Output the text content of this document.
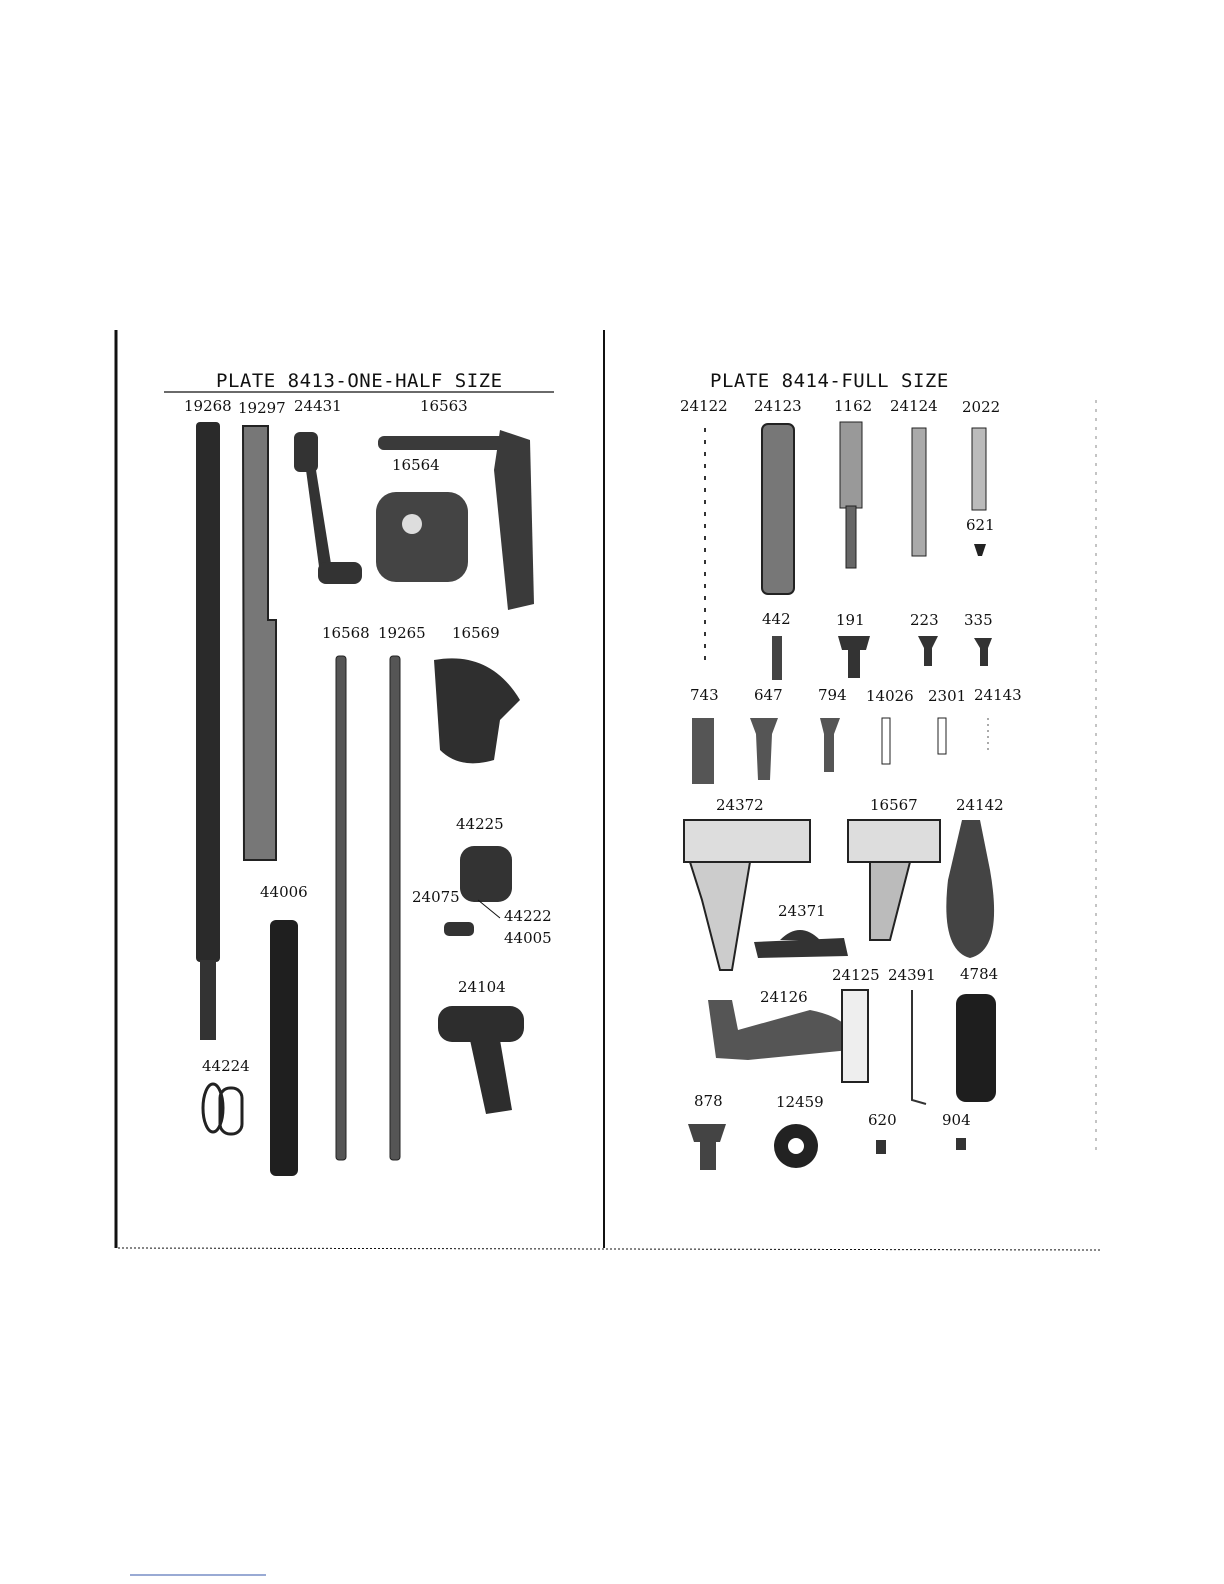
PLATE 8413-ONE-HALF SIZE	PLATE 8414-FULL SIZE
19268 19297 24431	16563
16564
16568 19265 16569
44225
44006	24075
44222
44005
24104
44224
24122 24123 1162 24124 2022
621
442	191	223 335
743 647 794 14026 2301 24143
24372	16567	24142
24371
24125 24391 4784
24126
878	12459
620	904
